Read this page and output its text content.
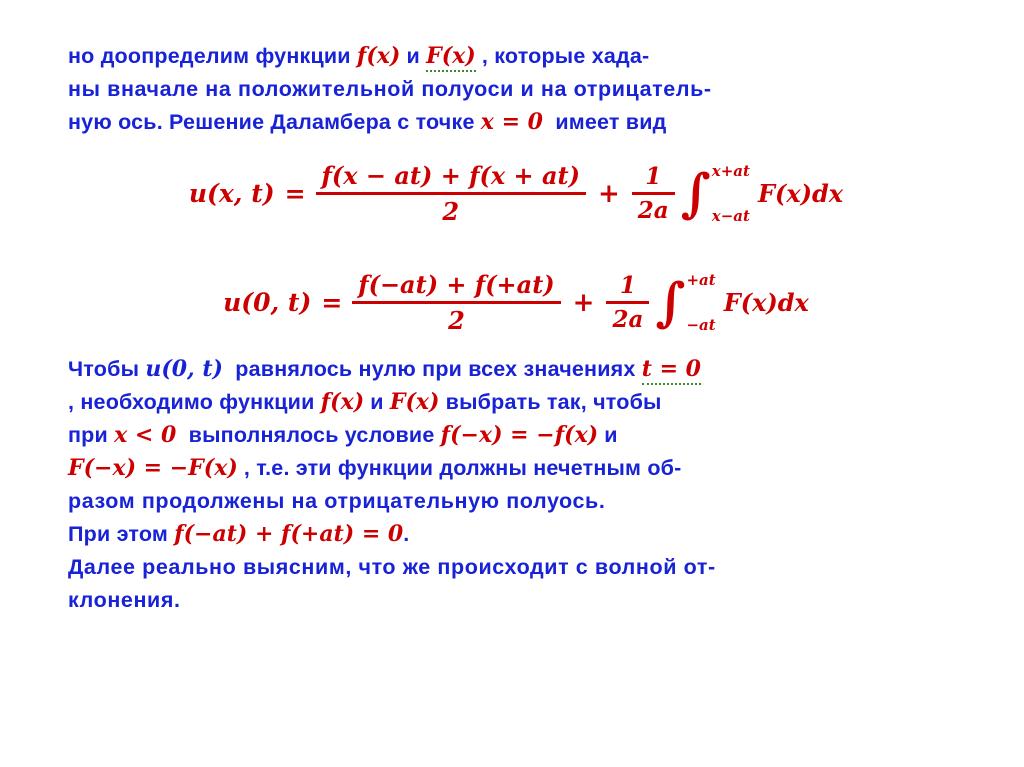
но доопределим функции f(x) и F(x) , которые хада-
ны вначале на положительной полуоси и на отрицатель-
ную ось. Решение Даламбера с точке x = 0 имеет вид
u(x, $t) = \frac{f(x - at) + f(x + at)}{2} + \frac{1}{2a}$ ∫ x+at
x−at
F(x)dx
u(0, $t) = \frac{f(-at) + f(+at)}{2} + \frac{1}{2a}$ ∫ +at
−at
F(x)dx
Чтобы u(0, t) равнялось нулю при всех значениях t = 0
, необходимо функции f(x) и F(x) выбрать так, чтобы
при x < 0 выполнялось условие f(−x) = −f(x) и
F(−x) = −F(x) , т.е. эти функции должны нечетным об-
разом продолжены на отрицательную полуось.
При этом f(−at) + f(+at) = 0.
Далее реально выясним, что же происходит с волной от-
клонения.
